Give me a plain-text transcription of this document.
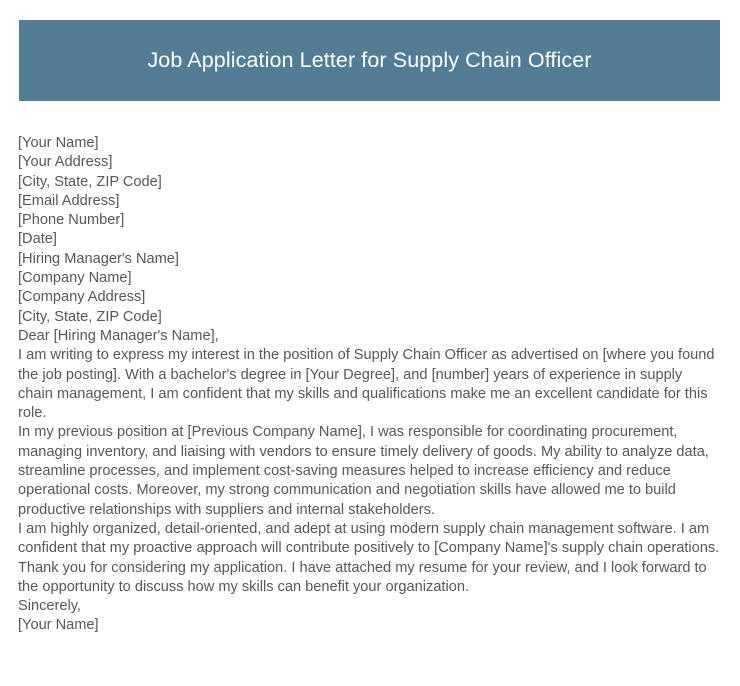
Job Application Letter for Supply Chain Officer

[Your Name]

[Your Address]

[City, State, ZIP Code]

[Email Address]

[Phone Number]

[Date]

[Hiring Manager's Name]

[Company Name]

[Company Address]

[City, State, ZIP Code]

Dear [Hiring Manager's Name],

I am writing to express my interest in the position of Supply Chain Officer as advertised on [where you found the job posting]. With a bachelor's degree in [Your Degree], and [number] years of experience in supply chain management, I am confident that my skills and qualifications make me an excellent candidate for this role.

In my previous position at [Previous Company Name], I was responsible for coordinating procurement, managing inventory, and liaising with vendors to ensure timely delivery of goods. My ability to analyze data, streamline processes, and implement cost-saving measures helped to increase efficiency and reduce operational costs. Moreover, my strong communication and negotiation skills have allowed me to build productive relationships with suppliers and internal stakeholders.

I am highly organized, detail-oriented, and adept at using modern supply chain management software. I am confident that my proactive approach will contribute positively to [Company Name]'s supply chain operations.

Thank you for considering my application. I have attached my resume for your review, and I look forward to the opportunity to discuss how my skills can benefit your organization.

Sincerely,

[Your Name]
